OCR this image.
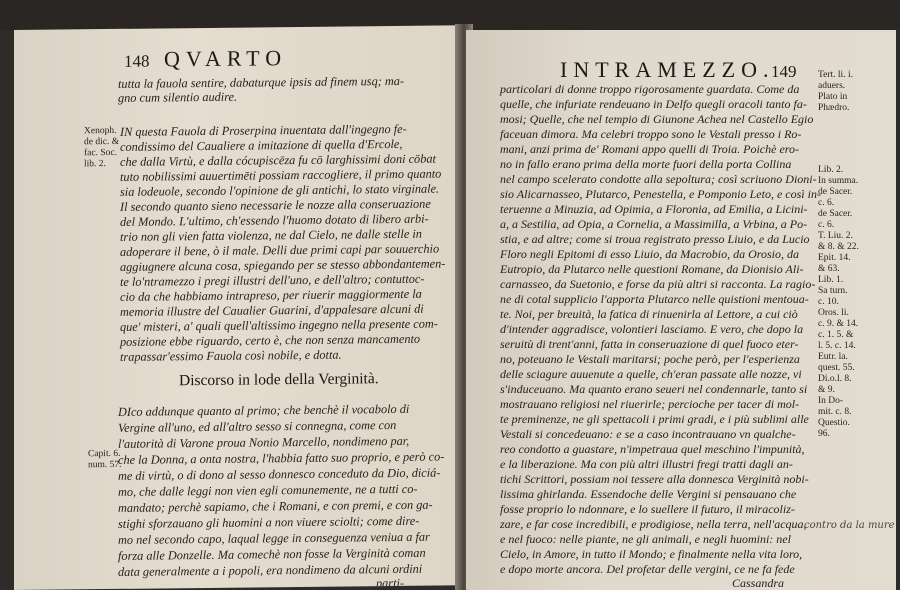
148 QVARTO
tutta la fauola sentire, dabaturque ipsis ad finem usq; ma-
gno cum silentio audire.
Xenoph.
de dic. &
fac. Soc.
lib. 2.
IN questa Fauola di Proserpina inuentata dall'ingegno fe-
condissimo del Caualiere a imitazione di quella d'Ercole,
che dalla Virtù, e dalla cócupiscēza fu cō larghissimi doni cōbat
tuto nobilissimi auuertimēti possiam raccogliere, il primo quanto
sia lodeuole, secondo l'opinione de gli antichi, lo stato virginale.
Il secondo quanto sieno necessarie le nozze alla conseruazione
del Mondo. L'ultimo, ch'essendo l'huomo dotato di libero arbi-
trio non gli vien fatta violenza, ne dal Cielo, ne dalle stelle in
adoperare il bene, ò il male. Delli due primi capi par souuerchio
aggiugnere alcuna cosa, spiegando per se stesso abbondantemen-
te lo'ntramezzo i pregi illustri dell'uno, e dell'altro; contuttoc-
cio da che habbiamo intrapreso, per riuerir maggiormente la
memoria illustre del Caualier Guarini, d'appalesare alcuni di
que' misteri, a' quali quell'altissimo ingegno nella presente com-
posizione ebbe riguardo, certo è, che non senza mancamento
trapassar'essimo Fauola così nobile, e dotta.
Discorso in lode della Verginità.
Capit. 6.
num. 57.
DIco addunque quanto al primo; che benchè il vocabolo di
Vergine all'uno, ed all'altro sesso si connegna, come con
l'autorità di Varone proua Nonio Marcello, nondimeno par,
che la Donna, a onta nostra, l'habbia fatto suo proprio, e però co-
me di virtù, o di dono al sesso donnesco conceduto da Dio, diciá-
mo, che dalle leggi non vien egli comunemente, ne a tutti co-
mandato; perchè sapiamo, che i Romani, e con premi, e con ga-
stighi sforzauano gli huomini a non viuere sciolti; come dire-
mo nel secondo capo, laqual legge in conseguenza veniua a far
forza alle Donzelle. Ma comechè non fosse la Verginità coman
data generalmente a i popoli, era nondimeno da alcuni ordini
parti-
INTRAMEZZO.
149
particolari di donne troppo rigorosamente guardata. Come da
quelle, che infuriate rendeuano in Delfo quegli oracoli tanto fa-
mosi; Quelle, che nel tempio di Giunone Achea nel Castello Egio
faceuan dimora. Ma celebri troppo sono le Vestali presso i Ro-
mani, anzi prima de' Romani appo quelli di Troia. Poichè ero-
no in fallo erano prima della morte fuori della porta Collina
nel campo scelerato condotte alla sepoltura; così scriuono Dioni-
sio Alicarnasseo, Plutarco, Penestella, e Pomponio Leto, e così in-
teruenne a Minuzia, ad Opimia, a Floronia, ad Emilia, a Licini-
a, a Sestilia, ad Opia, a Cornelia, a Massimilla, a Vrbina, a Po-
stia, e ad altre; come si troua registrato presso Liuio, e da Lucio
Floro negli Epitomi di esso Liuio, da Macrobio, da Orosio, da
Eutropio, da Plutarco nelle questioni Romane, da Dionisio Ali-
carnasseo, da Suetonio, e forse da più altri si racconta. La ragio-
ne di cotal supplicio l'apporta Plutarco nelle quistioni mentoua-
te. Noi, per breuità, la fatica di rinuenirla al Lettore, a cui ciò
d'intender aggradisce, volontieri lasciamo. E vero, che dopo la
seruitù di trent'anni, fatta in conseruazione di quel fuoco eter-
no, poteuano le Vestali maritarsi; poche però, per l'esperienza
delle sciagure auuenute a quelle, ch'eran passate alle nozze, vi
s'induceuano. Ma quanto erano seueri nel condennarle, tanto si
mostrauano religiosi nel riuerirle; percioche per tacer di mol-
te preminenze, ne gli spettacoli i primi gradi, e i più sublimi alle
Vestali si concedeuano: e se a caso incontrauano vn qualche-
reo condotto a guastare, n'impetraua quel meschino l'impunità,
e la liberazione. Ma con più altri illustri fregi tratti dagli an-
tichi Scrittori, possiam noi tessere alla donnesca Verginità nobi-
lissima ghirlanda. Essendoche delle Vergini si pensauano che
fosse proprio lo ndonnare, e lo suellere il futuro, il miracoliz-
zare, e far cose incredibili, e prodigiose, nella terra, nell'acqua,
e nel fuoco: nelle piante, ne gli animali, e negli huomini: nel
Cielo, in Amore, in tutto il Mondo; e finalmente nella vita loro,
e dopo morte ancora. Del profetar delle vergini, ce ne fa fede
Cassandra
Tert. li. i.
aduers.
Plato in
Phædro.
Lib. 2.
In summa.
de Sacer.
c. 6.
de Sacer.
c. 6.
T. Liu. 2.
& 8. & 22.
Epit. 14.
& 63.
Lib. 1.
Sa turn.
c. 10.
Oros. li.
c. 9. & 14.
c. 1. 5. &
l. 5. c. 14.
Eutr. la.
quest. 55.
Di.o.l. 8.
& 9.
In Do-
mit. c. 8.
Questio.
96.
contro da la mure
